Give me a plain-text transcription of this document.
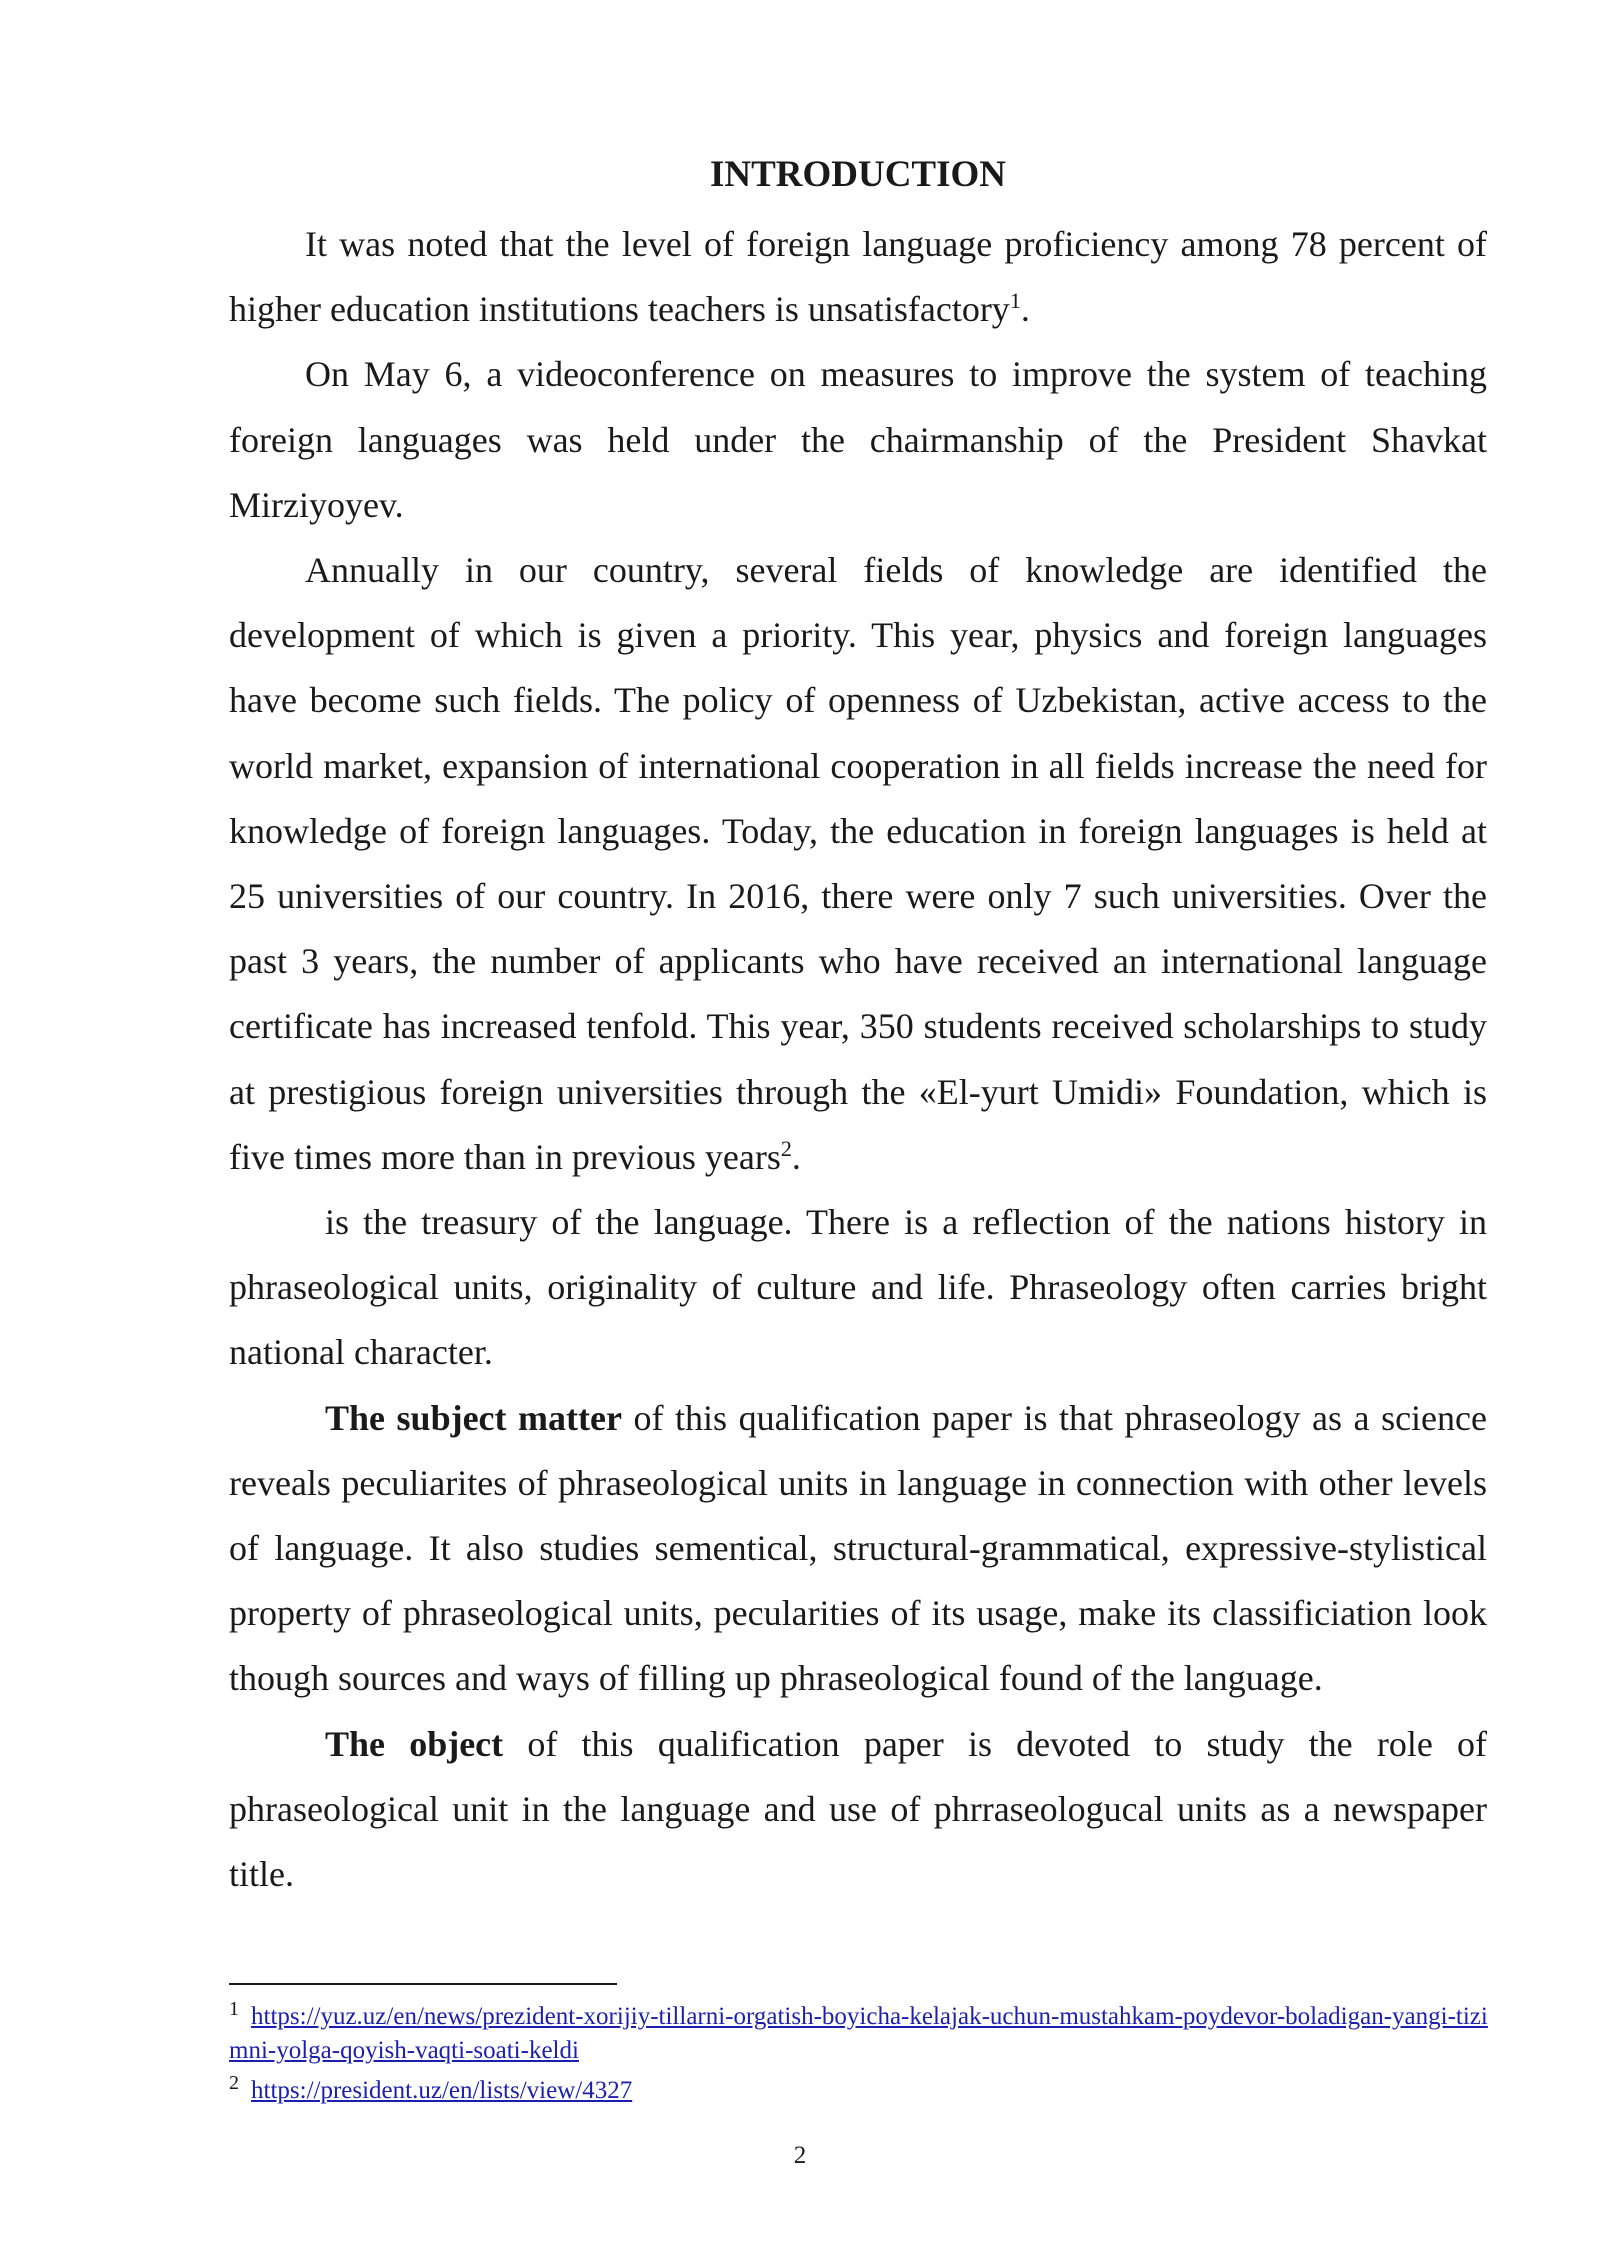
INTRODUCTION

It was noted that the level of foreign language proficiency among 78 percent of higher education institutions teachers is unsatisfactory$^1$.

On May 6, a videoconference on measures to improve the system of teaching foreign languages was held under the chairmanship of the President Shavkat Mirziyoyev.

Annually in our country, several fields of knowledge are identified the development of which is given a priority. This year, physics and foreign languages have become such fields. The policy of openness of Uzbekistan, active access to the world market, expansion of international cooperation in all fields increase the need for knowledge of foreign languages. Today, the education in foreign languages is held at 25 universities of our country. In 2016, there were only 7 such universities. Over the past 3 years, the number of applicants who have received an international language certificate has increased tenfold. This year, 350 students received scholarships to study at prestigious foreign universities through the «El-yurt Umidi» Foundation, which is five times more than in previous years$^2$.

is the treasury of the language. There is a reflection of the nations history in phraseological units, originality of culture and life. Phraseology often carries bright national character.

The subject matter of this qualification paper is that phraseology as a science reveals peculiarites of phraseological units in language in connection with other levels of language. It also studies sementical, structural-grammatical, expressive-stylistical property of phraseological units, pecularities of its usage, make its classificiation look though sources and ways of filling up phraseological found of the language.

The object of this qualification paper is devoted to study the role of phraseological unit in the language and use of phrraseologucal units as a newspaper title.

$^1$ https://yuz.uz/en/news/prezident-xorijiy-tillarni-orgatish-boyicha-kelajak-uchun-mustahkam-poydevor-boladigan-yangi-tizimni-yolga-qoyish-vaqti-soati-keldi
$^2$ https://president.uz/en/lists/view/4327
2
